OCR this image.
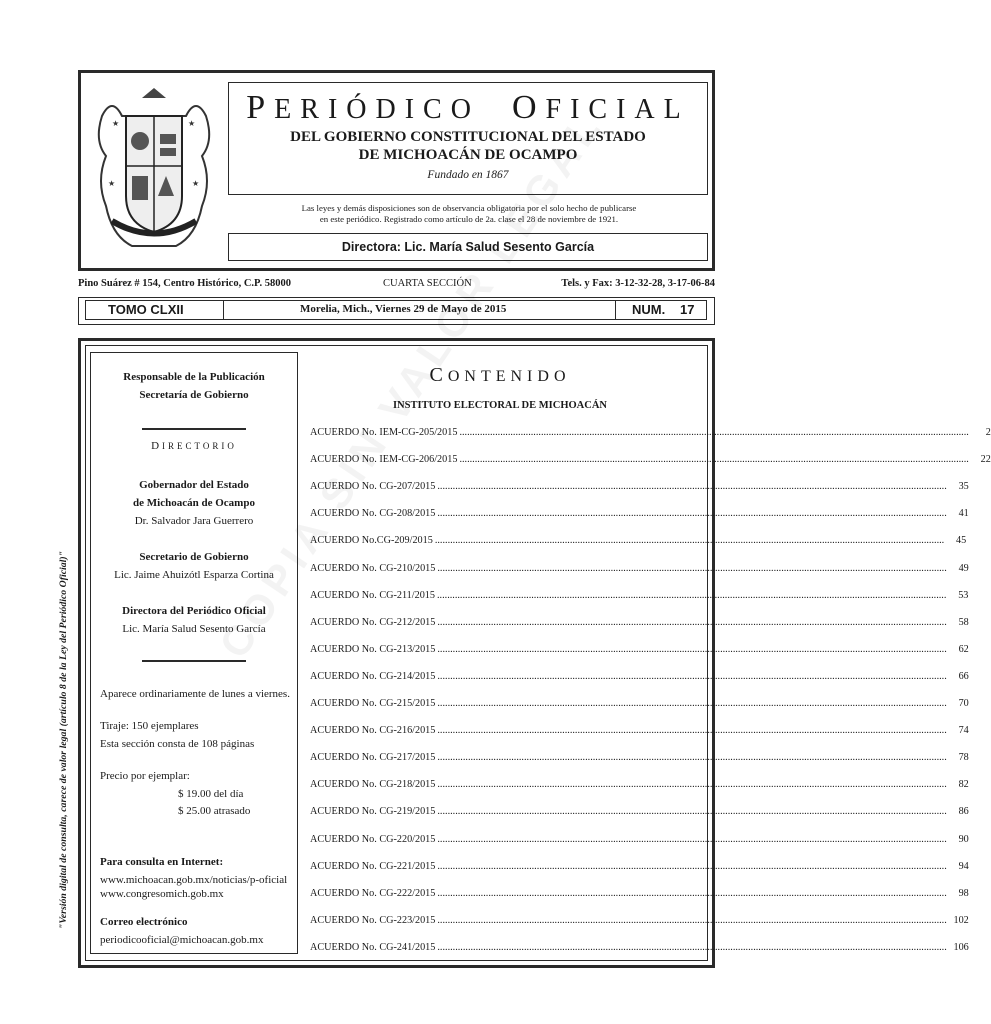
★	★
★	★
PERIÓDICO OFICIAL
DEL GOBIERNO CONSTITUCIONAL DEL ESTADO
DE MICHOACÁN DE OCAMPO
Fundado en 1867
Las leyes y demás disposiciones son de observancia obligatoria por el solo hecho de publicarse
en este periódico. Registrado como artículo de 2a. clase el 28 de noviembre de 1921.
Directora: Lic. María Salud Sesento García
Pino Suárez # 154, Centro Histórico, C.P. 58000	CUARTA SECCIÓN	Tels. y Fax: 3-12-32-28, 3-17-06-84
TOMO CLXII	Morelia, Mich., Viernes 29 de Mayo de 2015	NUM. 17
"Versión digital de consulta, carece de valor legal (artículo 8 de la Ley del Periódico Oficial)"
Responsable de la Publicación
Secretaría de Gobierno
DIRECTORIO
Gobernador del Estado
de Michoacán de Ocampo
Dr. Salvador Jara Guerrero
Secretario de Gobierno
Lic. Jaime Ahuizótl Esparza Cortina
Directora del Periódico Oficial
Lic. María Salud Sesento García
Aparece ordinariamente de lunes a viernes.
Tiraje: 150 ejemplares
Esta sección consta de 108 páginas
Precio por ejemplar:
$ 19.00 del día
$ 25.00 atrasado
Para consulta en Internet:
www.michoacan.gob.mx/noticias/p-oficial
www.congresomich.gob.mx
Correo electrónico
periodicooficial@michoacan.gob.mx
CONTENIDO
INSTITUTO ELECTORAL DE MICHOACÁN
ACUERDO No. IEM-CG-205/2015 ........................................................................................................................................................................................................	2
ACUERDO No. IEM-CG-206/2015 ........................................................................................................................................................................................................	22
ACUERDO No. CG-207/2015 ........................................................................................................................................................................................................	35
ACUERDO No. CG-208/2015 ........................................................................................................................................................................................................	41
ACUERDO No.CG-209/2015 ........................................................................................................................................................................................................	45
ACUERDO No. CG-210/2015 ........................................................................................................................................................................................................	49
ACUERDO No. CG-211/2015 ........................................................................................................................................................................................................	53
ACUERDO No. CG-212/2015 ........................................................................................................................................................................................................	58
ACUERDO No. CG-213/2015 ........................................................................................................................................................................................................	62
ACUERDO No. CG-214/2015 ........................................................................................................................................................................................................	66
ACUERDO No. CG-215/2015 ........................................................................................................................................................................................................	70
ACUERDO No. CG-216/2015 ........................................................................................................................................................................................................	74
ACUERDO No. CG-217/2015 ........................................................................................................................................................................................................	78
ACUERDO No. CG-218/2015 ........................................................................................................................................................................................................	82
ACUERDO No. CG-219/2015 ........................................................................................................................................................................................................	86
ACUERDO No. CG-220/2015 ........................................................................................................................................................................................................	90
ACUERDO No. CG-221/2015 ........................................................................................................................................................................................................	94
ACUERDO No. CG-222/2015 ........................................................................................................................................................................................................	98
ACUERDO No. CG-223/2015 ........................................................................................................................................................................................................ 102
ACUERDO No. CG-241/2015 ........................................................................................................................................................................................................ 106
